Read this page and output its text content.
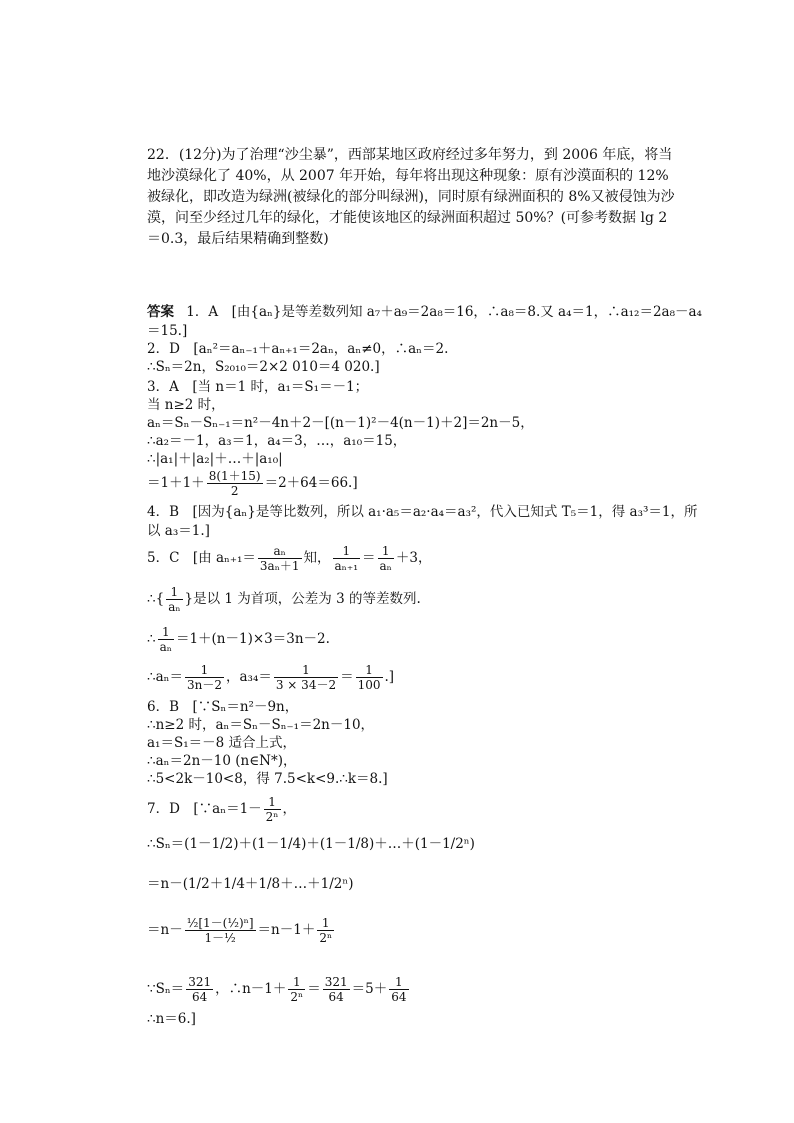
22．(12分)为了治理“沙尘暴”，西部某地区政府经过多年努力，到 2006 年底，将当地沙漠绿化了 40%，从 2007 年开始，每年将出现这种现象：原有沙漠面积的 12%被绿化，即改造为绿洲(被绿化的部分叫绿洲)，同时原有绿洲面积的 8%又被侵蚀为沙漠，问至少经过几年的绿化，才能使该地区的绿洲面积超过 50%？(可参考数据 lg 2＝0.3，最后结果精确到整数)
答案 1．A　[由{aₙ}是等差数列知 a₇＋a₉＝2a₈＝16，∴a₈＝8.又 a₄＝1，∴a₁₂＝2a₈－a₄
＝15.]
2．D　[aₙ²＝aₙ₋₁＋aₙ₊₁＝2aₙ，aₙ≠0，∴aₙ＝2.
∴Sₙ＝2n，S₂₀₁₀＝2×2 010＝4 020.]
3．A　[当 n＝1 时，a₁＝S₁＝－1；
当 n≥2 时，
aₙ＝Sₙ－Sₙ₋₁＝n²－4n＋2－[(n－1)²－4(n－1)＋2]＝2n－5，
∴a₂＝－1，a₃＝1，a₄＝3，…，a₁₀＝15，
∴|a₁|＋|a₂|＋…＋|a₁₀|
$=1+1+ \frac{8(1+15)}{2} =2+64=66$.]
4．B　[因为{aₙ}是等比数列，所以 a₁·a₅＝a₂·a₄＝a₃²，代入已知式 T₅＝1，得 a₃³＝1，所
以 a₃＝1.]
5．C　[由 $a_{n+1}= \frac{\text{aₙ}}{\text{3aₙ＋1}}$ 知， $\frac{1}{\text{aₙ₊₁}} = \frac{1}{\text{aₙ}} +3$，
∴{ $\frac{1}{\text{aₙ}}$ }是以 1 为首项，公差为 3 的等差数列.
∴ $\frac{1}{\text{aₙ}} =1+(n-1)\times 3=3n-2$.
∴aₙ＝ $\frac{1}{3n-2}$ ，$a_{34}= \frac{1}{3 \times 34-2} = \frac{1}{100}$ .]
6．B　[∵Sₙ＝n²－9n，
∴n≥2 时，aₙ＝Sₙ－Sₙ₋₁＝2n－10，
a₁＝S₁＝－8 适合上式，
∴aₙ＝2n－10 (n∈N*)，
∴5<2k－10<8，得 7.5<k<9.∴k＝8.]
7．D　[∵aₙ＝1－ $\frac{1}{\text{2ⁿ}}$ ，
∴Sₙ＝(1－1/2)＋(1－1/4)＋(1－1/8)＋…＋(1－1/2ⁿ)
＝n－(1/2＋1/4＋1/8＋…＋1/2ⁿ)
$=n- \frac{\text{½[1－(½)ⁿ]}}{\text{1－½}} =n-1+ \frac{1}{\text{2ⁿ}}$
∵Sₙ＝ $\frac{321}{64}$ ，∴n－1＋ $\frac{1}{\text{2ⁿ}} = \frac{321}{64} =5+ \frac{1}{64}$
∴n＝6.]
